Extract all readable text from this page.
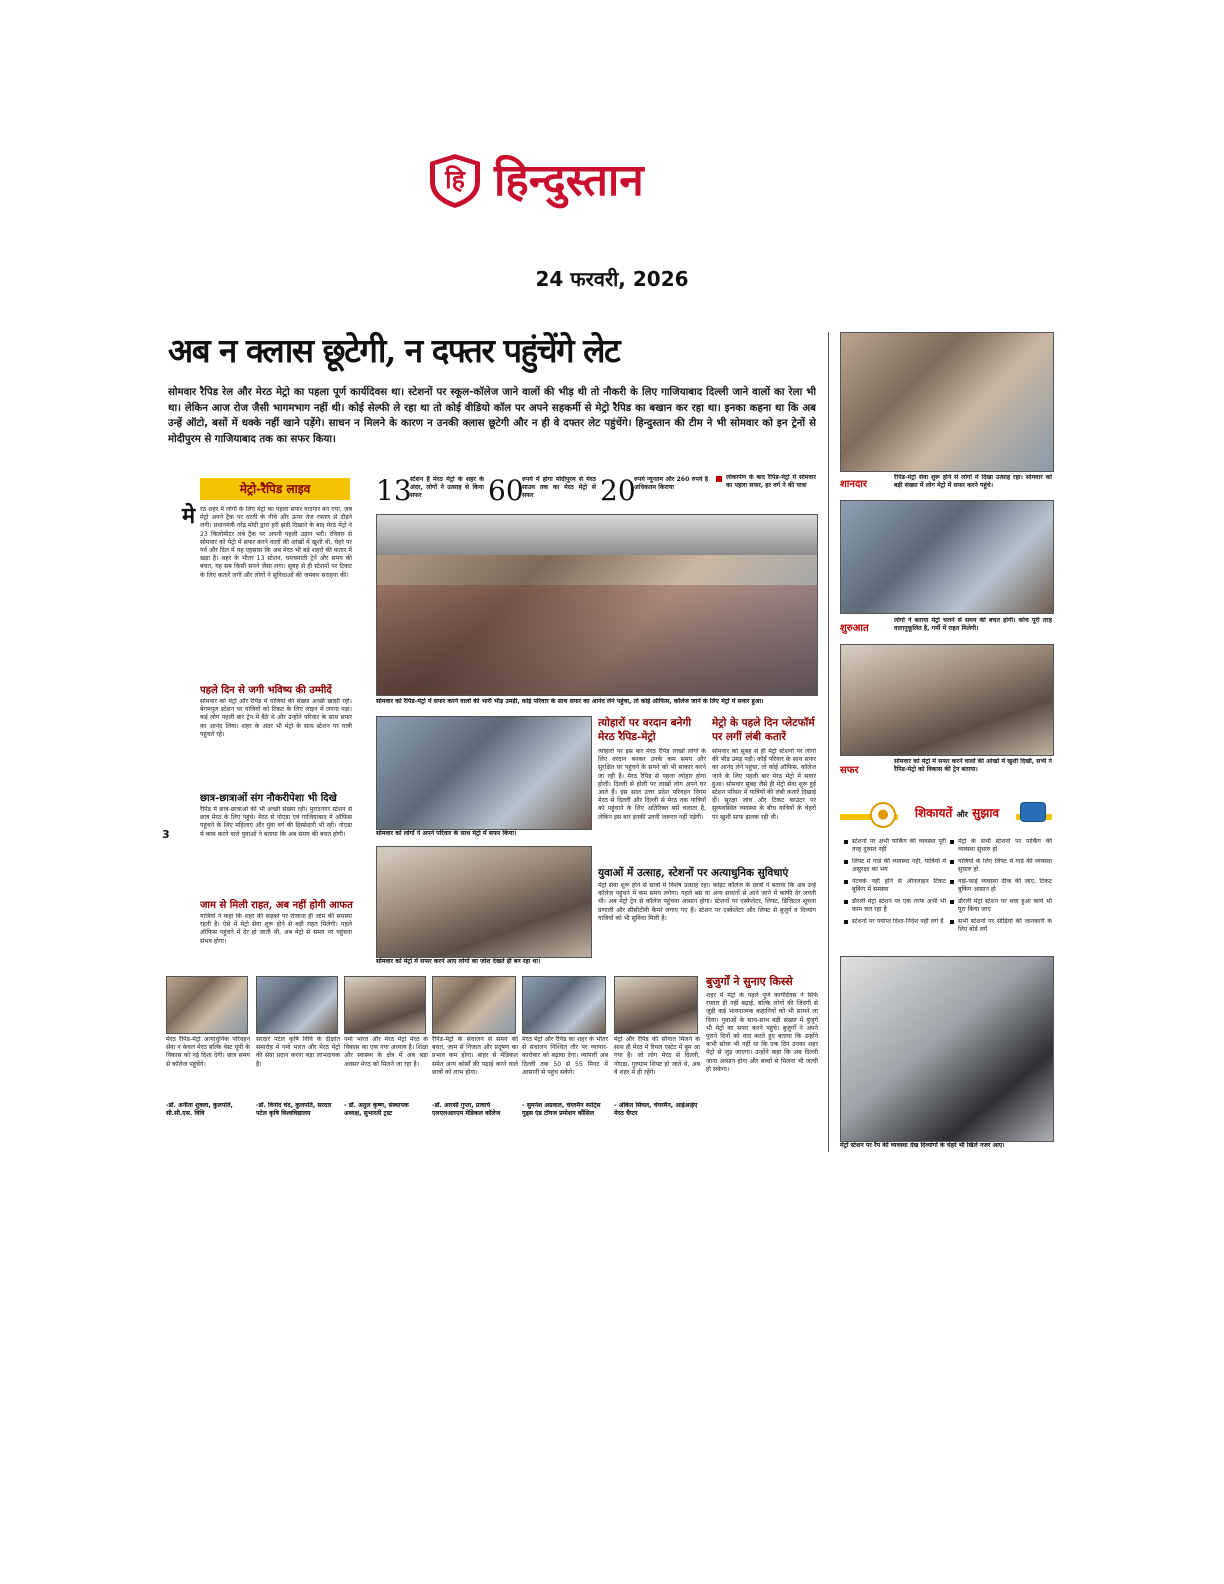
हि हिन्दुस्तान
24 फरवरी, 2026
अब न क्लास छूटेगी, न दफ्तर पहुंचेंगे लेट
सोमवार रैपिड रेल और मेरठ मेट्रो का पहला पूर्ण कार्यदिवस था। स्टेशनों पर स्कूल-कॉलेज जाने वालों की भीड़ थी तो नौकरी के लिए गाजियाबाद दिल्ली जाने वालों का रेला भी था। लेकिन आज रोज जैसी भागमभाग नहीं थी। कोई सेल्फी ले रहा था तो कोई वीडियो कॉल पर अपने सहकर्मी से मेट्रो रैपिड का बखान कर रहा था। इनका कहना था कि अब उन्हें ऑटो, बसों में धक्के नहीं खाने पड़ेंगे। साधन न मिलने के कारण न उनकी क्लास छूटेगी और न ही वे दफ्तर लेट पहुंचेंगे। हिन्दुस्तान की टीम ने भी सोमवार को इन ट्रेनों से मोदीपुरम से गाजियाबाद तक का सफर किया।
3
मेट्रो-रैपिड लाइव
मे रठ शहर में लोगों के लिए मेट्रो का पहला सफर यादगार बन गया, जब मेट्रो अपने ट्रैक पर धरती के नीचे और ऊपर तेज रफ्तार से दौड़ने लगी। प्रधानमंत्री नरेंद्र मोदी द्वारा हरी झंडी दिखाने के बाद मेरठ मेट्रो ने 23 किलोमीटर लंबे ट्रैक पर अपनी पहली उड़ान भरी। रविवार से सोमवार को मेट्रो में सफर करने वालों की आंखों में खुशी थी, चेहरे पर गर्व और दिल में यह एहसास कि अब मेरठ भी बड़े शहरों की कतार में खड़ा है। शहर के भीतर 13 स्टेशन, चमचमाती ट्रेनें और समय की बचत, यह सब किसी सपने जैसा लगा। सुबह से ही स्टेशनों पर टिकट के लिए कतारें लगीं और लोगों ने सुविधाओं की जमकर सराहना की।
पहले दिन से जगी भविष्य की उम्मीदें
सोमवार को मेट्रो और रैपिड में यात्रियों की संख्या अच्छी खासी रही। बेगमपुल स्टेशन पर यात्रियों को टिकट के लिए लाइन में लगना पड़ा। कई लोग पहली बार ट्रेन में बैठे थे और उन्होंने परिवार के साथ सफर का आनंद लिया। शहर के अंदर भी मेट्रो के साथ स्टेशन पर यात्री पहुंचते रहे।
छात्र-छात्राओं संग नौकरीपेशा भी दिखे
रैपिड में छात्र-छात्राओं की भी अच्छी संख्या रही। मुरादनगर स्टेशन से छात्र मेरठ के लिए पहुंचे। मेरठ से नोएडा एवं गाजियाबाद में ऑफिस पहुंचने के लिए महिलाएं और युवा वर्ग की हिस्सेदारी भी रही। नोएडा में काम करने वाले युवाओं ने बताया कि अब समय की बचत होगी।
जाम से मिली राहत, अब नहीं होगी आफत
यात्रियों ने कहा कि शहर की सड़कों पर रोजाना ही जाम की समस्या रहती है। ऐसे में मेट्रो सेवा शुरू होने से बड़ी राहत मिलेगी। पहले ऑफिस पहुंचने में देर हो जाती थी, अब मेट्रो से समय पर पहुंचना संभव होगा।
13
स्टेशन हैं मेरठ मेट्रो के शहर के अंदर, लोगों ने उत्साह से किया सफर	60
रुपये में होगा मोदीपुरम से मेरठ साउथ तक का मेरठ मेट्रो से सफर	20
रुपये न्यूनतम और 260 रुपये है अधिकतम किराया
लोकार्पण के बाद रैपिड-मेट्रो में सोमवार का पहला सफर, हर वर्ग ने की यात्रा
सोमवार को रैपिड-मेट्रो में सफर करने वालों की भारी भीड़ उमड़ी, कोई परिवार के साथ सफर का आनंद लेने पहुंचा, तो कोई ऑफिस, कॉलेज जाने के लिए मेट्रो में सवार हुआ।
सोमवार को लोगों ने अपने परिवार के साथ मेट्रो में सफर किया।
सोमवार को मेट्रो में सफर करने आए लोगों का जोश देखते ही बन रहा था।
त्योहारों पर वरदान बनेगी मेरठ रैपिड-मेट्रो
त्योहारों पर इस बार मेरठ रैपिड लाखों लोगों के लिए वरदान बनकर उनके कम समय और सुरक्षित घर पहुंचने के सपने को भी साकार करने जा रही है। मेरठ रैपिड से पहला त्योहार होगा होली। दिल्ली से होली पर लाखों लोग अपने घर आते हैं। इस साल उत्तर प्रदेश परिवहन निगम मेरठ से दिल्ली और दिल्ली से मेरठ तक यात्रियों को पहुंचाने के लिए अतिरिक्त बसें चलाता है, लेकिन इस बार इनकी उतनी जरूरत नहीं पड़ेगी।
मेट्रो के पहले दिन प्लेटफॉर्म पर लगीं लंबी कतारें
सोमवार को सुबह से ही मेट्रो स्टेशनों पर लोगों की भीड़ उमड़ पड़ी। कोई परिवार के साथ सफर का आनंद लेने पहुंचा, तो कोई ऑफिस, कॉलेज जाने के लिए पहली बार मेरठ मेट्रो में सवार हुआ। सोमवार सुबह जैसे ही मेट्रो सेवा शुरू हुई स्टेशन परिसर में यात्रियों की लंबी कतारें दिखाई दीं। सुरक्षा जांच और टिकट काउंटर पर सुव्यवस्थित व्यवस्था के बीच यात्रियों के चेहरों पर खुशी साफ झलक रही थी।
युवाओं में उत्साह, स्टेशनों पर अत्याधुनिक सुविधाएं
मेट्रो सेवा शुरू होने से छात्रों में विशेष उत्साह रहा। कांइट कॉलेज के छात्रों ने बताया कि अब उन्हें कॉलेज पहुंचने में कम समय लगेगा। पहले बस या अन्य साधनों से आने जाने में काफी देर लगती थी। अब मेट्रो ट्रेन से कॉलेज पहुंचना आसान होगा। स्टेशनों पर एस्केलेटर, लिफ्ट, डिजिटल सूचना प्रणाली और सीसीटीवी कैमरे लगाए गए हैं। स्टेशन पर एस्केलेटर और लिफ्ट से बुजुर्ग व दिव्यांग यात्रियों को भी सुविधा मिली है।
मेरठ रैपिड-मेट्रो अत्याधुनिक परिवहन सेवा न केवल मेरठ बल्कि वेस्ट यूपी के विकास को नई दिशा देगी। छात्र समय से कॉलेज पहुंचेंगे।
-डॉ. अनीता शुक्ला, कुलपति, सी.सी.एस. विवि
सरदार पटेल कृषि विवि के दीक्षांत समारोह में नमो भारत और मेरठ मेट्रो की सेवा प्रदान करना बड़ा लाभदायक है।
-डॉ. विनोद चंद, कुलपति, सरदार पटेल कृषि विश्वविद्यालय
नमो भारत और मेरठ मेट्रो मेरठ के विकास का एक नया अध्याय है। शिक्षा और स्वास्थ्य के क्षेत्र में अब बड़ा अवसर मेरठ को मिलने जा रहा है।
- डॉ. अतुल कृष्ण, संस्थापक अध्यक्ष, सुभारती ट्रस्ट
रैपिड-मेट्रो के संचालन से समय की बचत, जाम से निजात और प्रदूषण का प्रभाव कम होगा। बाहर से मेडिकल समेत अन्य कोर्सों की पढ़ाई करने वाले छात्रों को लाभ होगा।
-डॉ. आरसी गुप्ता, प्राचार्य एलएलआरएम मेडिकल कॉलेज
मेरठ मेट्रो और रैपिड का शहर के भीतर से संचालन निश्चित तौर पर व्यापार-कारोबार को बढ़ावा देगा। व्यापारी अब दिल्ली तक 50 से 55 मिनट में आसानी से पहुंच सकेंगे।
- सुमनेश अग्रवाल, चेयरमैन स्पोर्ट्स गुड्स एंड टॉयज प्रमोशन कौंसिल
मेट्रो और रैपिड की सौगात मिलने के साथ ही मेरठ में रियल एस्टेट में बूम आ गया है। जो लोग मेरठ से दिल्ली, नोएडा, गुरुग्राम शिफ्ट हो जाते थे, अब वे शहर में ही रहेंगे।
- अंकित सिंघल, चेयरमैन, आईआईए मेरठ चैप्टर
बुजुर्गों ने सुनाए किस्से
शहर में मेट्रो के पहले पूर्ण कार्यदिवस ने सिर्फ रफ्तार ही नहीं बढ़ाई, बल्कि लोगों की जिंदगी से जुड़ी कई भावनात्मक कहानियों को भी सामने ला दिया। युवाओं के साथ-साथ बड़ी संख्या में बुजुर्ग भी मेट्रो का सफर करने पहुंचे। बुजुर्गों ने अपने पुराने दिनों को याद करते हुए बताया कि उन्होंने कभी सोचा भी नहीं था कि एक दिन उनका शहर मेट्रो से जुड़ जाएगा। उन्होंने कहा कि अब दिल्ली जाना आसान होगा और बच्चों से मिलना भी जल्दी हो सकेगा।
शानदार
रैपिड-मेट्रो सेवा शुरू होने से लोगों में दिखा उत्साह रहा। सोमवार को बड़ी संख्या में लोग मेट्रो में सफर करने पहुंचे।
शुरुआत
लोगों ने बताया मेट्रो चलने से समय की बचत होगी। कोच पूरी तरह वातानुकूलित है, गर्मी में राहत मिलेगी।
सफर
सोमवार को मेट्रो में सफर करने वालों की आंखों में खुशी दिखी, सभी ने रैपिड-मेट्रो को विकास की ट्रेन बताया।
●	शिकायतें और सुझाव
स्टेशनों पर अभी पार्किंग की व्यवस्था पूरी तरह दुरुस्त नहीं
लिफ्ट में गार्ड की व्यवस्था नहीं, यात्रियों में असुरक्षा का भय
नेटवर्क नहीं होने से ऑनलाइन टिकट बुकिंग में समस्या
डौरली मेट्रो स्टेशन पर एक तरफ अभी भी काम चल रहा है
स्टेशनों पर पर्याप्त दिशा-निर्देश नहीं लगे हैं
मेट्रो के सभी स्टेशनों पर पार्किंग की व्यवस्था सुचारु हो
यात्रियों के लिए लिफ्ट में गार्ड की व्यवस्था सुचारु हो
वाई-फाई व्यवस्था ठीक की जाए, टिकट बुकिंग आसान हो
डौरली मेट्रो स्टेशन पर बचा हुआ कार्य भी पूरा किया जाए
सभी स्टेशनों पर सीढ़ियों की जानकारी के लिए बोर्ड लगें
मेट्रो स्टेशन पर रैप की व्यवस्था देख दिव्यांगों के चेहरे भी खिले नजर आए।
